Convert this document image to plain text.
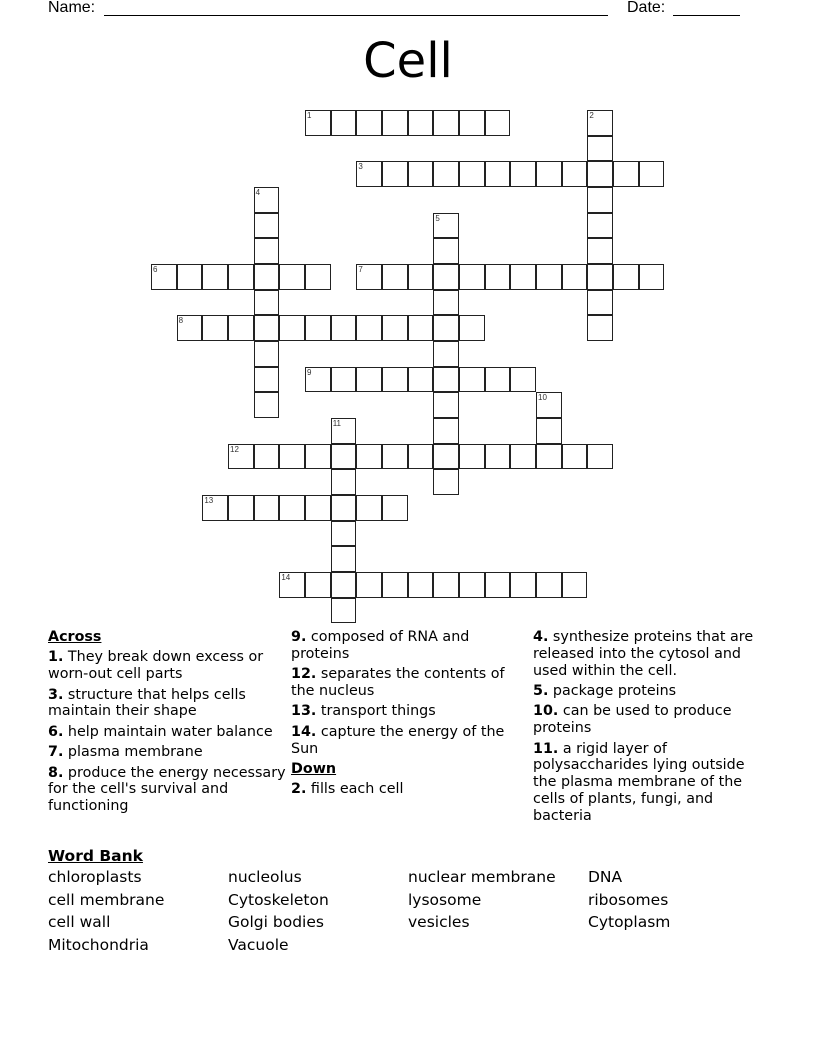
Name:	Date:
Cell
1	2
3
4
5
6	7
8
9
10
11
12
13
14
Across
1. They break down excess or worn-out cell parts
3. structure that helps cells maintain their shape
6. help maintain water balance
7. plasma membrane
8. produce the energy necessary for the cell's survival and functioning
9. composed of RNA and proteins
12. separates the contents of the nucleus
13. transport things
14. capture the energy of the Sun
Down
2. fills each cell
4. synthesize proteins that are released into the cytosol and used within the cell.
5. package proteins
10. can be used to produce proteins
11. a rigid layer of polysaccharides lying outside the plasma membrane of the cells of plants, fungi, and bacteria
Word Bank
chloroplasts	nucleolus	nuclear membrane	DNA
cell membrane	Cytoskeleton	lysosome	ribosomes
cell wall	Golgi bodies	vesicles	Cytoplasm
Mitochondria	Vacuole
